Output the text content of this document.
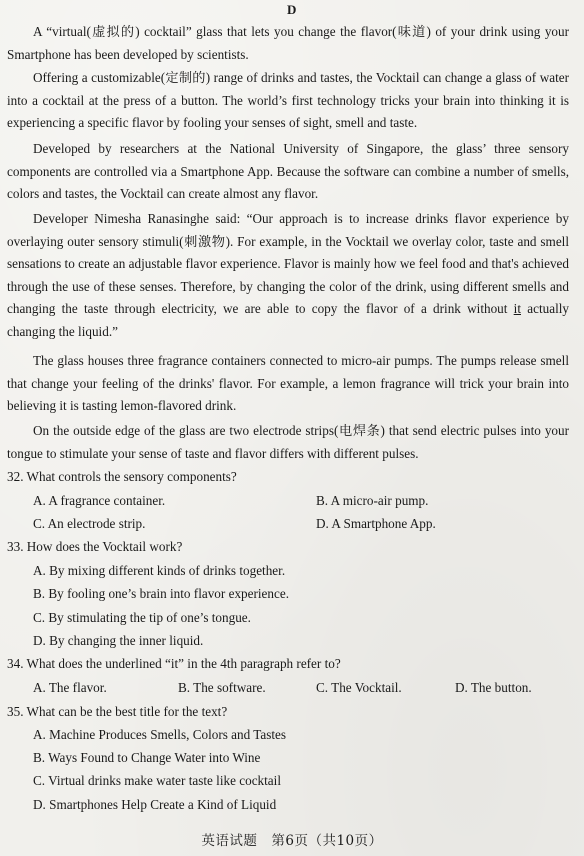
D

A “virtual(虚拟的) cocktail” glass that lets you change the flavor(味道) of your drink using your Smartphone has been developed by scientists.

Offering a customizable(定制的) range of drinks and tastes, the Vocktail can change a glass of water into a cocktail at the press of a button. The world’s first technology tricks your brain into thinking it is experiencing a specific flavor by fooling your senses of sight, smell and taste.

Developed by researchers at the National University of Singapore, the glass’ three sensory components are controlled via a Smartphone App. Because the software can combine a number of smells, colors and tastes, the Vocktail can create almost any flavor.

Developer Nimesha Ranasinghe said: “Our approach is to increase drinks flavor experience by overlaying outer sensory stimuli(刺激物). For example, in the Vocktail we overlay color, taste and smell sensations to create an adjustable flavor experience. Flavor is mainly how we feel food and that's achieved through the use of these senses. Therefore, by changing the color of the drink, using different smells and changing the taste through electricity, we are able to copy the flavor of a drink without it actually changing the liquid.”

The glass houses three fragrance containers connected to micro-air pumps. The pumps release smell that change your feeling of the drinks' flavor. For example, a lemon fragrance will trick your brain into believing it is tasting lemon-flavored drink.

On the outside edge of the glass are two electrode strips(电焊条) that send electric pulses into your tongue to stimulate your sense of taste and flavor differs with different pulses.

32. What controls the sensory components?
A. A fragrance container.	B. A micro-air pump.
C. An electrode strip.	D. A Smartphone App.
33. How does the Vocktail work?
A. By mixing different kinds of drinks together.
B. By fooling one’s brain into flavor experience.
C. By stimulating the tip of one’s tongue.
D. By changing the inner liquid.
34. What does the underlined “it” in the 4th paragraph refer to?
A. The flavor.	B. The software.	C. The Vocktail.	D. The button.
35. What can be the best title for the text?
A. Machine Produces Smells, Colors and Tastes
B. Ways Found to Change Water into Wine
C. Virtual drinks make water taste like cocktail
D. Smartphones Help Create a Kind of Liquid
英语试题　第6页（共10页）
